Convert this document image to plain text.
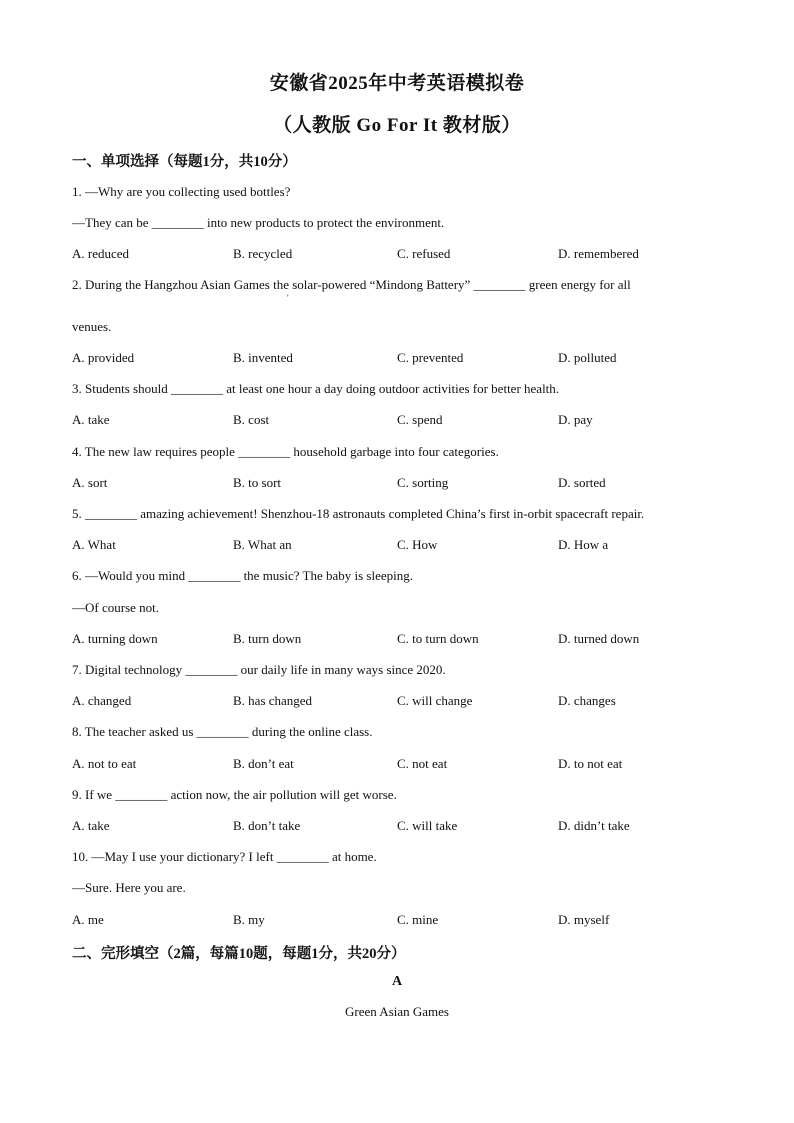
安徽省2025年中考英语模拟卷
（人教版 Go For It 教材版）
一、单项选择（每题1分，共10分）
1. —Why are you collecting used bottles?
—They can be ________ into new products to protect the environment.
A. reduced	B. recycled	C. refused	D. remembered
2. During the Hangzhou Asian Games the solar-powered “Mindong Battery” ________ green energy for all
'
venues.
A. provided	B. invented	C. prevented	D. polluted
3. Students should ________ at least one hour a day doing outdoor activities for better health.
A. take	B. cost	C. spend	D. pay
4. The new law requires people ________ household garbage into four categories.
A. sort	B. to sort	C. sorting	D. sorted
5. ________ amazing achievement! Shenzhou-18 astronauts completed China’s first in-orbit spacecraft repair.
A. What	B. What an	C. How	D. How a
6. —Would you mind ________ the music? The baby is sleeping.
—Of course not.
A. turning down	B. turn down	C. to turn down	D. turned down
7. Digital technology ________ our daily life in many ways since 2020.
A. changed	B. has changed	C. will change	D. changes
8. The teacher asked us ________ during the online class.
A. not to eat	B. don’t eat	C. not eat	D. to not eat
9. If we ________ action now, the air pollution will get worse.
A. take	B. don’t take	C. will take	D. didn’t take
10. —May I use your dictionary? I left ________ at home.
—Sure. Here you are.
A. me	B. my	C. mine	D. myself
二、完形填空（2篇，每篇10题，每题1分，共20分）
A
Green Asian Games
